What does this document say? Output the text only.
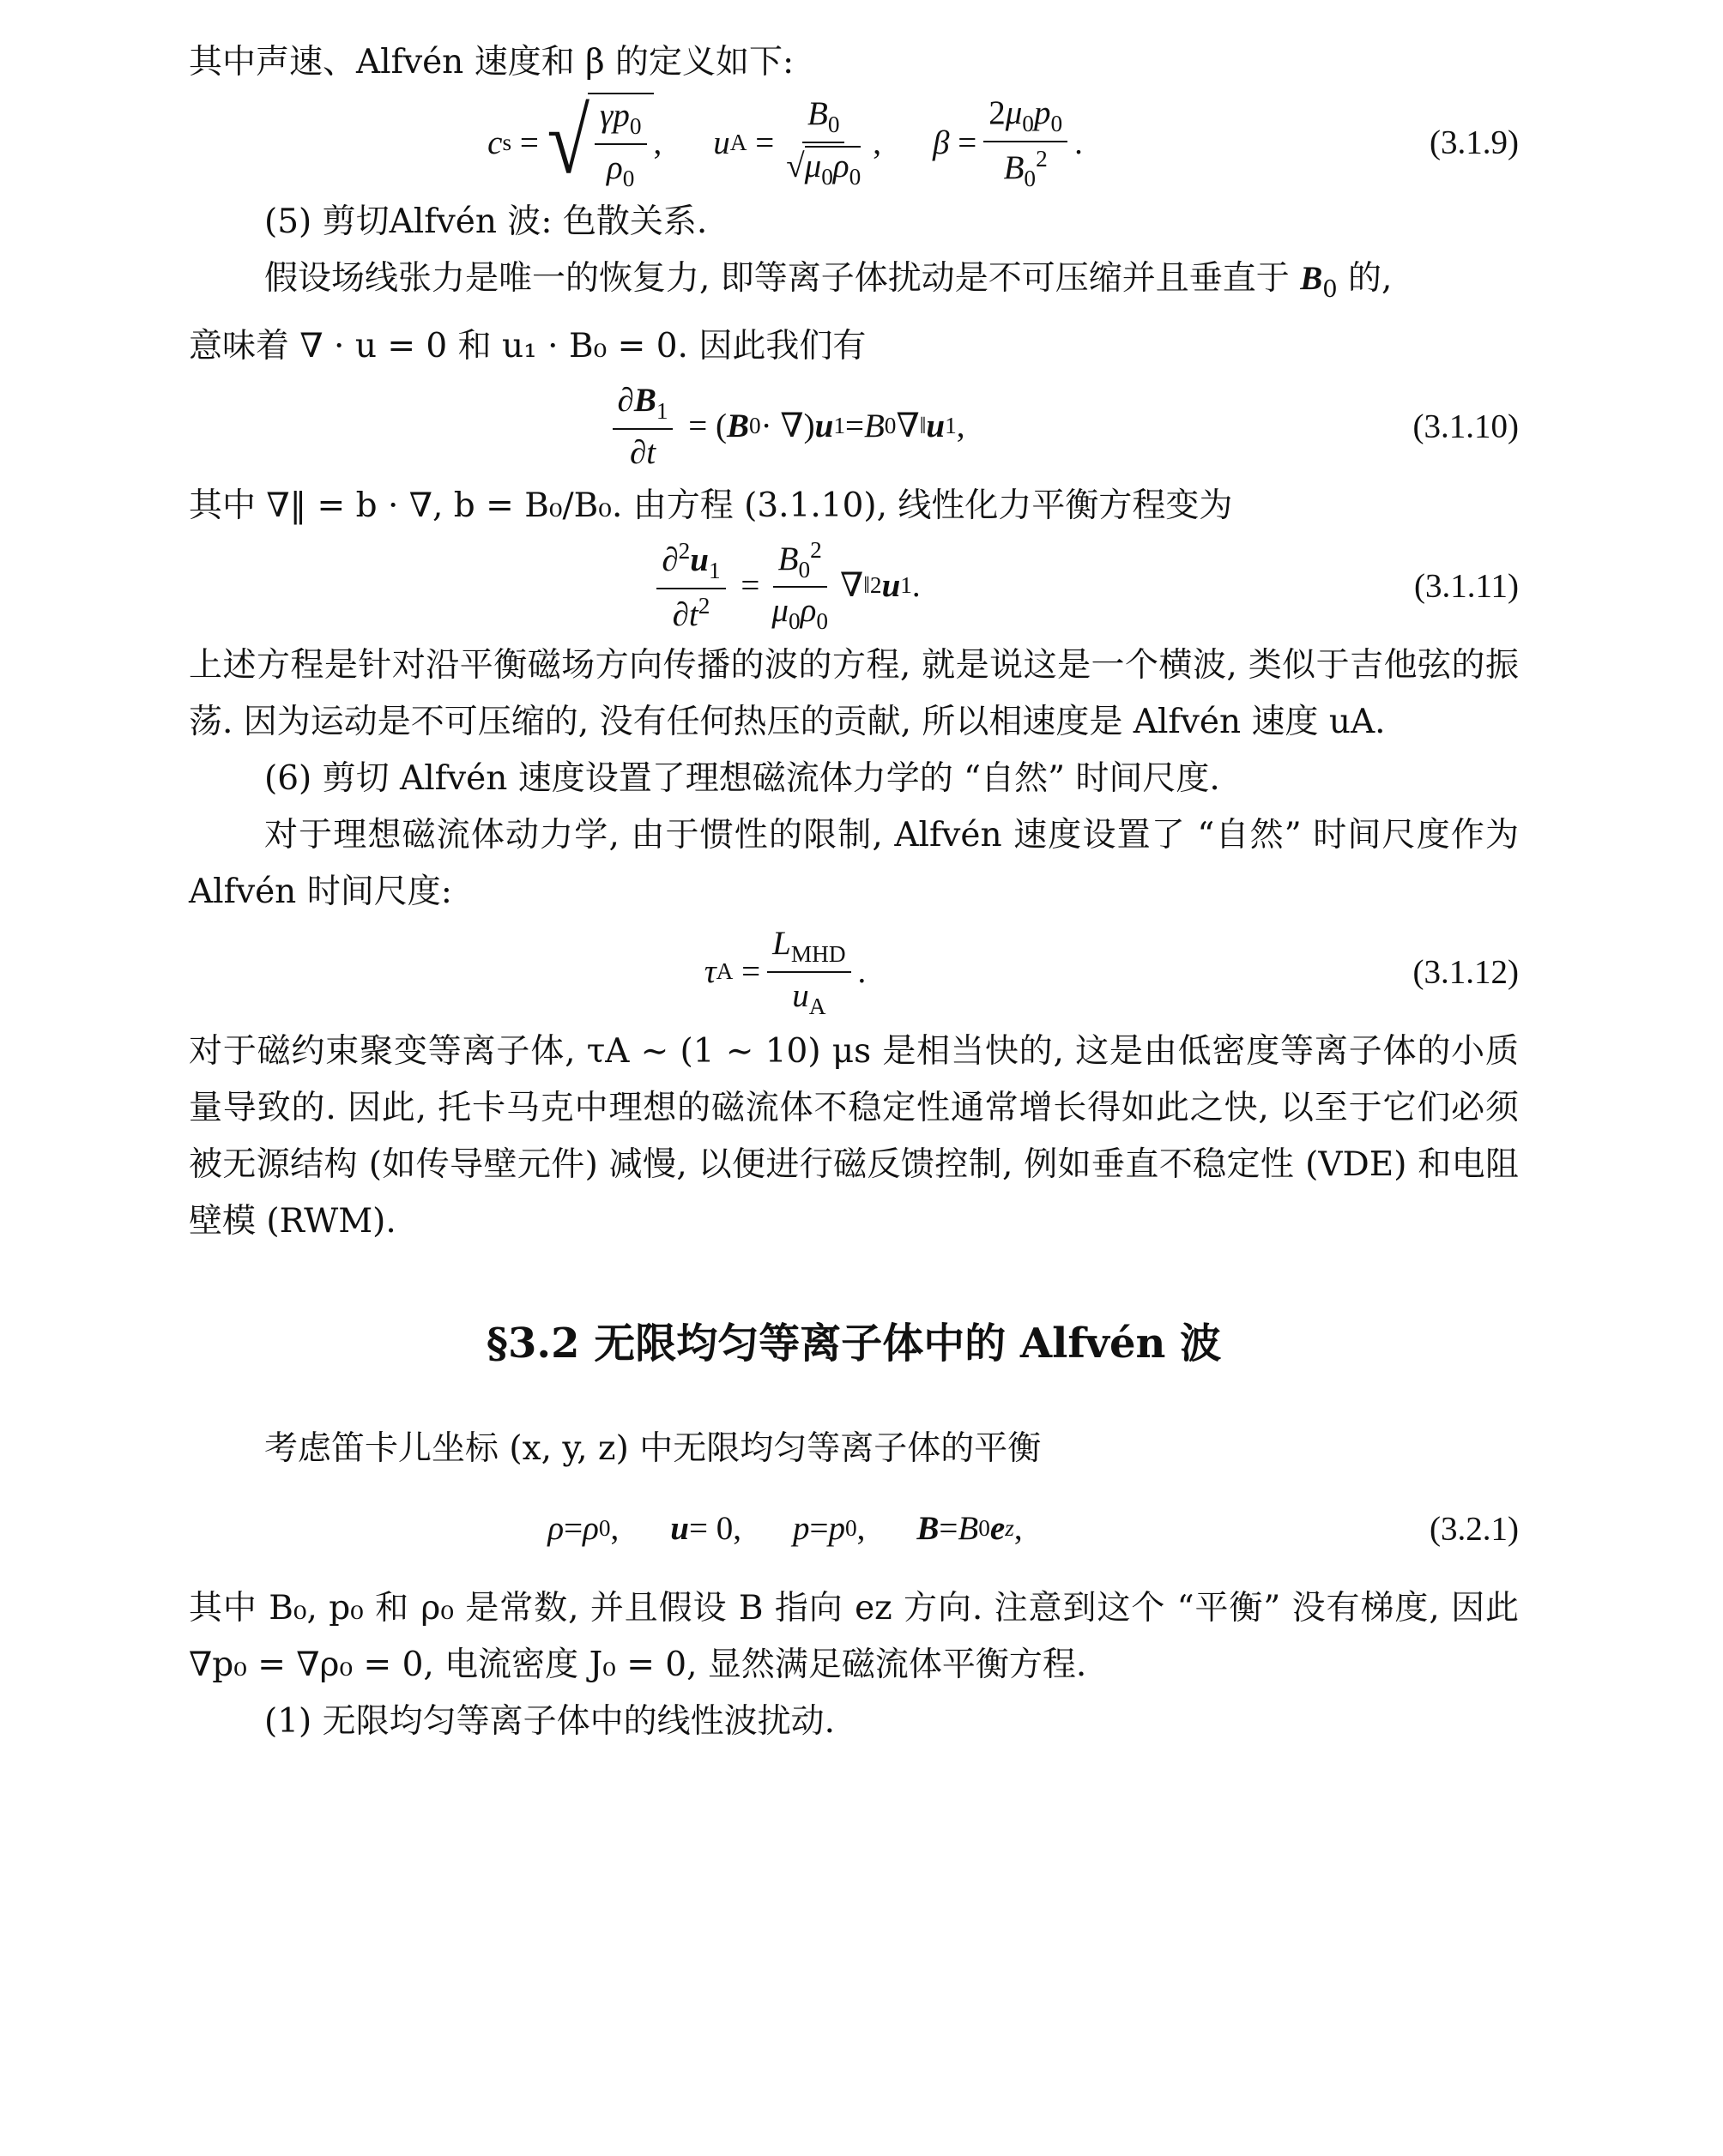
其中声速、Alfvén 速度和 β 的定义如下:

c s = √ $\frac{\gamma p_0}{\rho_0}$ , u $A = \frac{B_0}{√\mu_0\rho_0}$ , $\beta = \frac{2\mu_0p_0}{B_0^2}$ .	(3.1.9)

(5) 剪切Alfvén 波: 色散关系.

假设场线张力是唯一的恢复力, 即等离子体扰动是不可压缩并且垂直于 $B_0$ 的,

意味着 ∇ · u = 0 和 u₁ · B₀ = 0. 因此我们有

$\frac{\partial B_1}{\partial t}$ = ( B 0 · ∇) u 1 = B 0 ∇ ‖ u 1 ,	(3.1.10)

其中 ∇‖ = b · ∇, b = B₀/B₀. 由方程 (3.1.10), 线性化力平衡方程变为

$\frac{\partial^2u_1}{\partial t^2} = \frac{B_0^2}{\mu_0\rho_0}$ ∇ ‖ 2 u 1 .	(3.1.11)

上述方程是针对沿平衡磁场方向传播的波的方程, 就是说这是一个横波, 类似于吉他弦的振荡. 因为运动是不可压缩的, 没有任何热压的贡献, 所以相速度是 Alfvén 速度 uA.

(6) 剪切 Alfvén 速度设置了理想磁流体力学的 “自然” 时间尺度.

对于理想磁流体动力学, 由于惯性的限制, Alfvén 速度设置了 “自然” 时间尺度作为 Alfvén 时间尺度:

τ $A = \frac{L_{MHD}}{u_A}$ .	(3.1.12)

对于磁约束聚变等离子体, τA ∼ (1 ∼ 10) μs 是相当快的, 这是由低密度等离子体的小质量导致的. 因此, 托卡马克中理想的磁流体不稳定性通常增长得如此之快, 以至于它们必须被无源结构 (如传导壁元件) 减慢, 以便进行磁反馈控制, 例如垂直不稳定性 (VDE) 和电阻壁模 (RWM).

§3.2 无限均匀等离子体中的 Alfvén 波

考虑笛卡儿坐标 (x, y, z) 中无限均匀等离子体的平衡

ρ = ρ 0 , u = 0, p = p 0 , B = B 0 e z ,	(3.2.1)

其中 B₀, p₀ 和 ρ₀ 是常数, 并且假设 B 指向 ez 方向. 注意到这个 “平衡” 没有梯度, 因此 ∇p₀ = ∇ρ₀ = 0, 电流密度 J₀ = 0, 显然满足磁流体平衡方程.

(1) 无限均匀等离子体中的线性波扰动.
